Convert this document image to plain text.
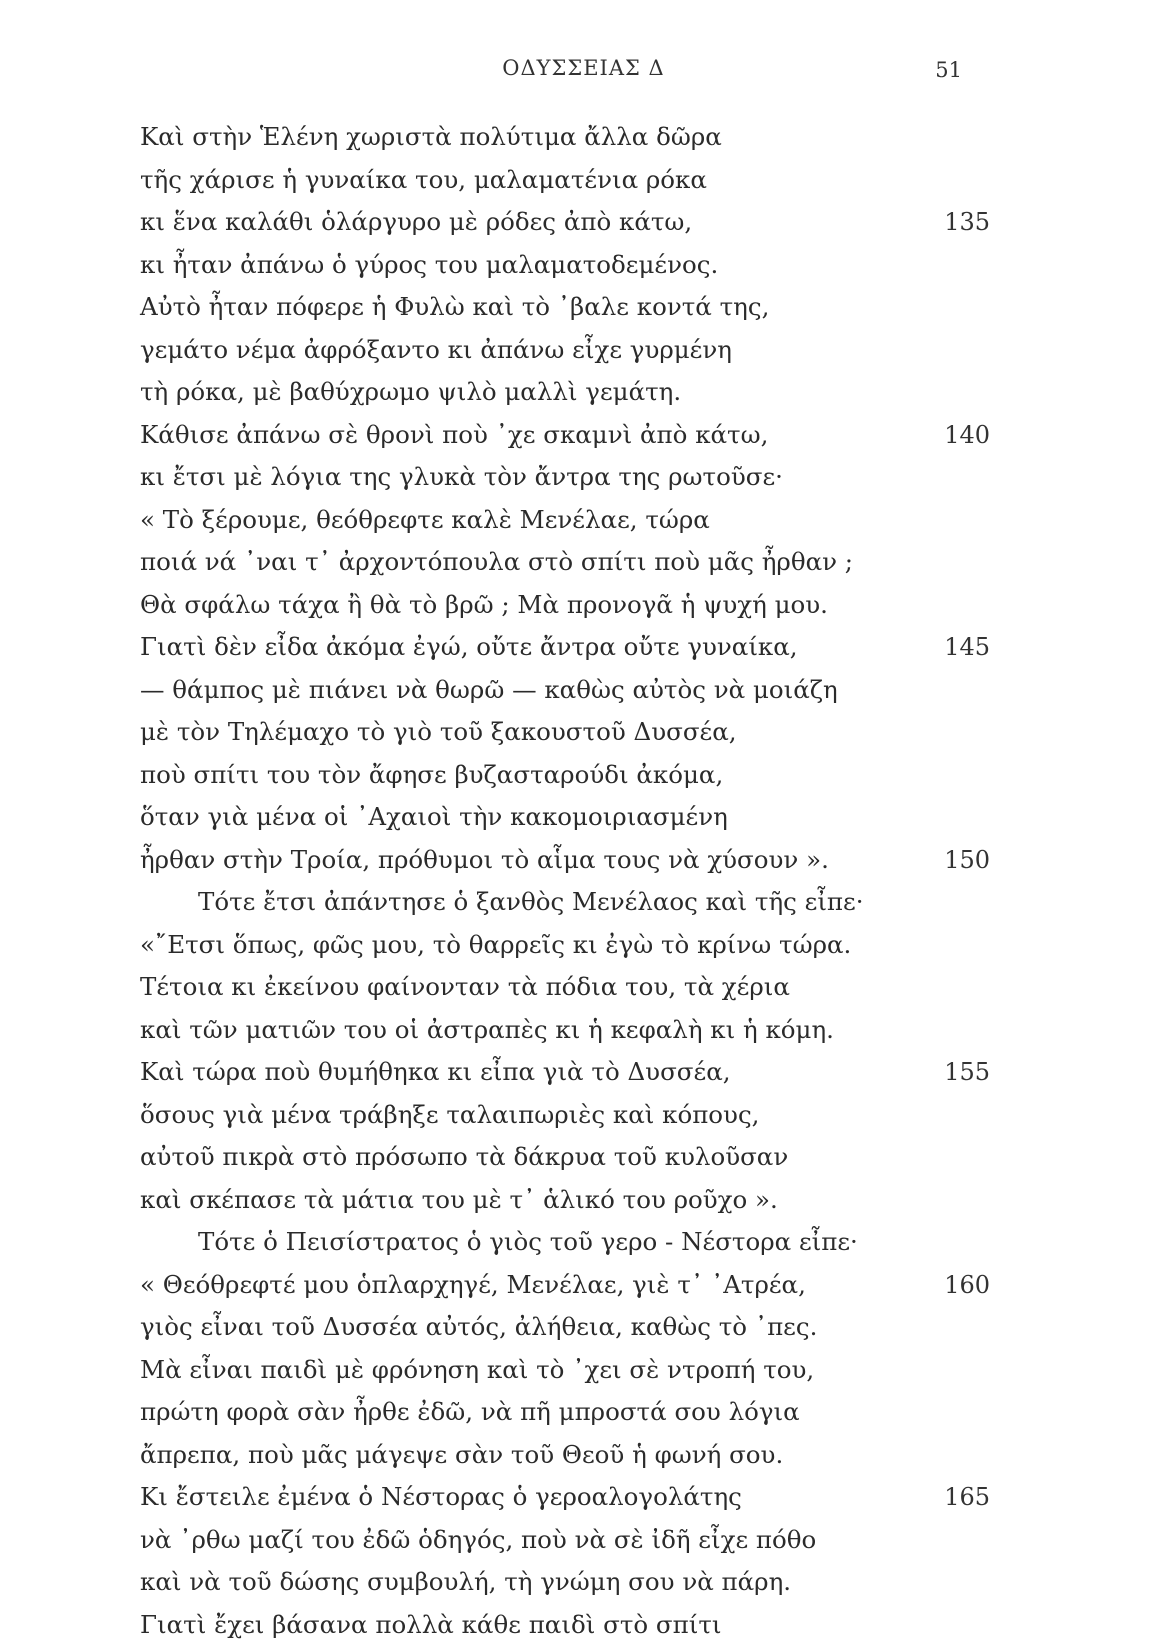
ΟΔΥΣΣΕΙΑΣ Δ	51
Καὶ στὴν Ἑλένη χωριστὰ πολύτιμα ἄλλα δῶρα
τῆς χάρισε ἡ γυναίκα του, μαλαματένια ρόκα
κι ἕνα καλάθι ὁλάργυρο μὲ ρόδες ἀπὸ κάτω,	135
κι ἦταν ἀπάνω ὁ γύρος του μαλαματοδεμένος.
Αὐτὸ ἦταν πόφερε ἡ Φυλὼ καὶ τὸ ᾿βαλε κοντά της,
γεμάτο νέμα ἀφρόξαντο κι ἀπάνω εἶχε γυρμένη
τὴ ρόκα, μὲ βαθύχρωμο ψιλὸ μαλλὶ γεμάτη.
Κάθισε ἀπάνω σὲ θρονὶ ποὺ ᾿χε σκαμνὶ ἀπὸ κάτω,	140
κι ἔτσι μὲ λόγια της γλυκὰ τὸν ἄντρα της ρωτοῦσε·
« Τὸ ξέρουμε, θεόθρεφτε καλὲ Μενέλαε, τώρα
ποιά νά ᾿ναι τ᾿ ἀρχοντόπουλα στὸ σπίτι ποὺ μᾶς ἦρθαν ;
Θὰ σφάλω τάχα ἢ θὰ τὸ βρῶ ; Μὰ προνογᾶ ἡ ψυχή μου.
Γιατὶ δὲν εἶδα ἀκόμα ἐγώ, οὔτε ἄντρα οὔτε γυναίκα,	145
— θάμπος μὲ πιάνει νὰ θωρῶ — καθὼς αὐτὸς νὰ μοιάζη
μὲ τὸν Τηλέμαχο τὸ γιὸ τοῦ ξακουστοῦ Δυσσέα,
ποὺ σπίτι του τὸν ἄφησε βυζασταρούδι ἀκόμα,
ὅταν γιὰ μένα οἱ ᾿Αχαιοὶ τὴν κακομοιριασμένη
ἦρθαν στὴν Τροία, πρόθυμοι τὸ αἷμα τους νὰ χύσουν ».	150
Τότε ἔτσι ἀπάντησε ὁ ξανθὸς Μενέλαος καὶ τῆς εἶπε·
«῎Ετσι ὅπως, φῶς μου, τὸ θαρρεῖς κι ἐγὼ τὸ κρίνω τώρα.
Τέτοια κι ἐκείνου φαίνονταν τὰ πόδια του, τὰ χέρια
καὶ τῶν ματιῶν του οἱ ἀστραπὲς κι ἡ κεφαλὴ κι ἡ κόμη.
Καὶ τώρα ποὺ θυμήθηκα κι εἶπα γιὰ τὸ Δυσσέα,	155
ὅσους γιὰ μένα τράβηξε ταλαιπωριὲς καὶ κόπους,
αὐτοῦ πικρὰ στὸ πρόσωπο τὰ δάκρυα τοῦ κυλοῦσαν
καὶ σκέπασε τὰ μάτια του μὲ τ᾿ ἁλικό του ροῦχο ».
Τότε ὁ Πεισίστρατος ὁ γιὸς τοῦ γερο - Νέστορα εἶπε·
« Θεόθρεφτέ μου ὁπλαρχηγέ, Μενέλαε, γιὲ τ᾿ ᾿Ατρέα,	160
γιὸς εἶναι τοῦ Δυσσέα αὐτός, ἀλήθεια, καθὼς τὸ ᾿πες.
Μὰ εἶναι παιδὶ μὲ φρόνηση καὶ τὸ ᾿χει σὲ ντροπή του,
πρώτη φορὰ σὰν ἦρθε ἐδῶ, νὰ πῆ μπροστά σου λόγια
ἄπρεπα, ποὺ μᾶς μάγεψε σὰν τοῦ Θεοῦ ἡ φωνή σου.
Κι ἔστειλε ἐμένα ὁ Νέστορας ὁ γεροαλογολάτης	165
νὰ ᾿ρθω μαζί του ἐδῶ ὁδηγός, ποὺ νὰ σὲ ἰδῆ εἶχε πόθο
καὶ νὰ τοῦ δώσης συμβουλή, τὴ γνώμη σου νὰ πάρη.
Γιατὶ ἔχει βάσανα πολλὰ κάθε παιδὶ στὸ σπίτι
